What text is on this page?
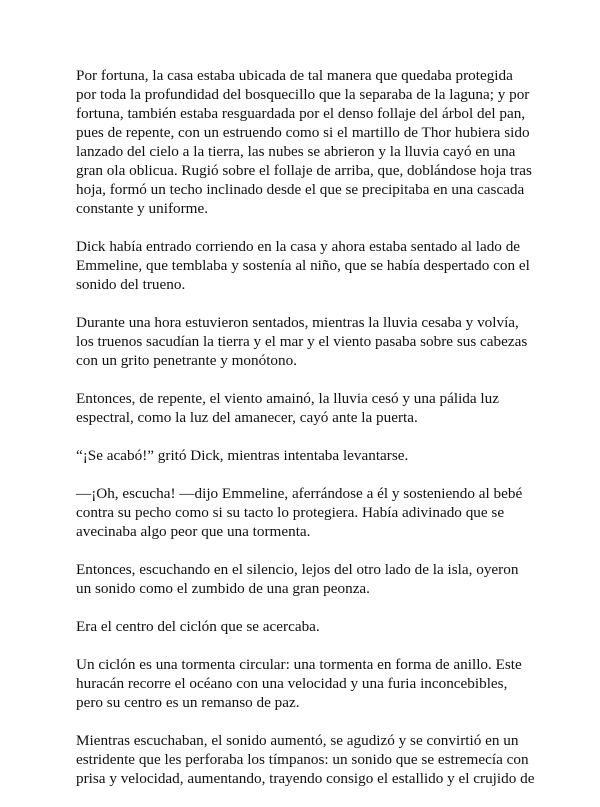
Por fortuna, la casa estaba ubicada de tal manera que quedaba protegida por toda la profundidad del bosquecillo que la separaba de la laguna; y por fortuna, también estaba resguardada por el denso follaje del árbol del pan, pues de repente, con un estruendo como si el martillo de Thor hubiera sido lanzado del cielo a la tierra, las nubes se abrieron y la lluvia cayó en una gran ola oblicua. Rugió sobre el follaje de arriba, que, doblándose hoja tras hoja, formó un techo inclinado desde el que se precipitaba en una cascada constante y uniforme.

Dick había entrado corriendo en la casa y ahora estaba sentado al lado de Emmeline, que temblaba y sostenía al niño, que se había despertado con el sonido del trueno.

Durante una hora estuvieron sentados, mientras la lluvia cesaba y volvía, los truenos sacudían la tierra y el mar y el viento pasaba sobre sus cabezas con un grito penetrante y monótono.

Entonces, de repente, el viento amainó, la lluvia cesó y una pálida luz espectral, como la luz del amanecer, cayó ante la puerta.

“¡Se acabó!” gritó Dick, mientras intentaba levantarse.

—¡Oh, escucha! —dijo Emmeline, aferrándose a él y sosteniendo al bebé contra su pecho como si su tacto lo protegiera. Había adivinado que se avecinaba algo peor que una tormenta.

Entonces, escuchando en el silencio, lejos del otro lado de la isla, oyeron un sonido como el zumbido de una gran peonza.

Era el centro del ciclón que se acercaba.

Un ciclón es una tormenta circular: una tormenta en forma de anillo. Este huracán recorre el océano con una velocidad y una furia inconcebibles, pero su centro es un remanso de paz.

Mientras escuchaban, el sonido aumentó, se agudizó y se convirtió en un estridente que les perforaba los tímpanos: un sonido que se estremecía con prisa y velocidad, aumentando, trayendo consigo el estallido y el crujido de
